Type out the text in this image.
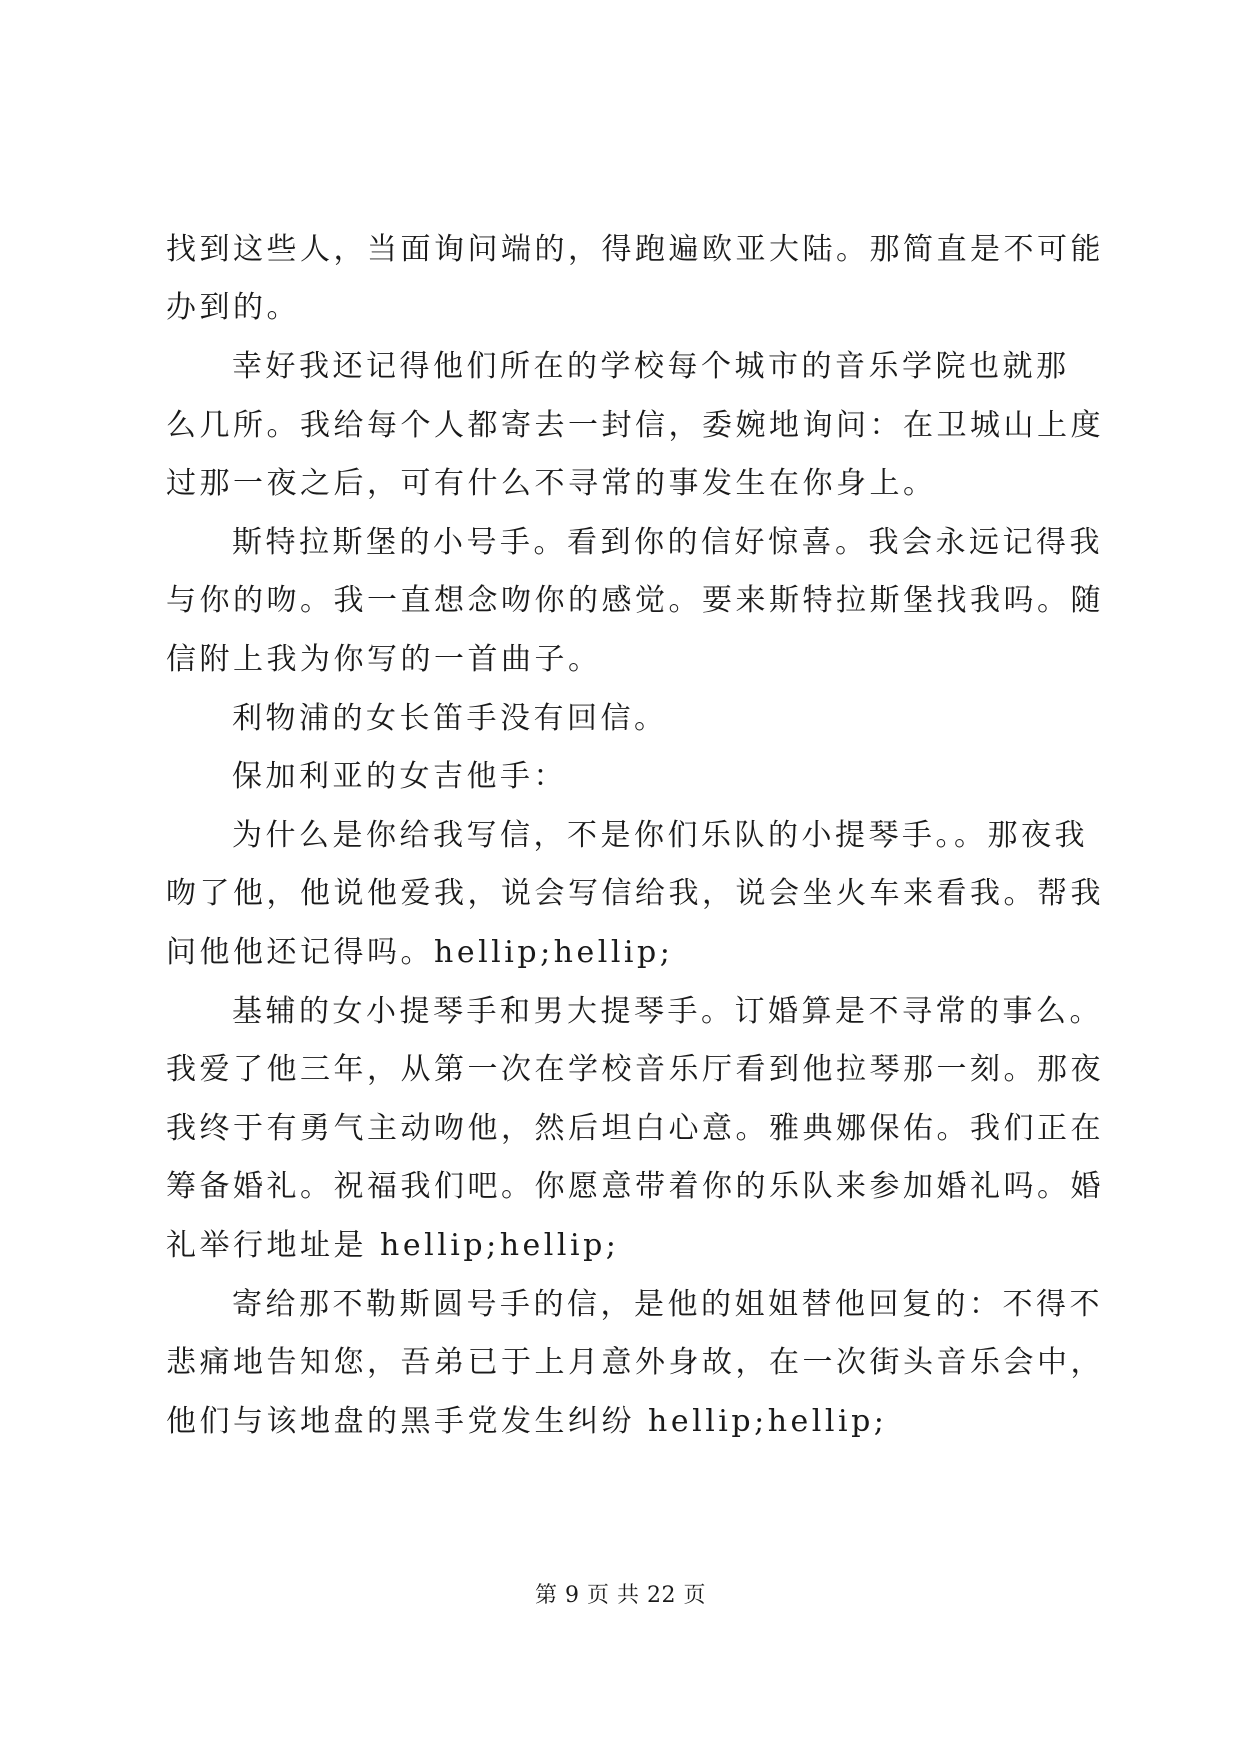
找到这些人，当面询问端的，得跑遍欧亚大陆。那简直是不可能
办到的。
幸好我还记得他们所在的学校每个城市的音乐学院也就那
么几所。我给每个人都寄去一封信，委婉地询问：在卫城山上度
过那一夜之后，可有什么不寻常的事发生在你身上。
斯特拉斯堡的小号手。看到你的信好惊喜。我会永远记得我
与你的吻。我一直想念吻你的感觉。要来斯特拉斯堡找我吗。随
信附上我为你写的一首曲子。
利物浦的女长笛手没有回信。
保加利亚的女吉他手：
为什么是你给我写信，不是你们乐队的小提琴手。。那夜我
吻了他，他说他爱我，说会写信给我，说会坐火车来看我。帮我
问他他还记得吗。hellip;hellip;
基辅的女小提琴手和男大提琴手。订婚算是不寻常的事么。
我爱了他三年，从第一次在学校音乐厅看到他拉琴那一刻。那夜
我终于有勇气主动吻他，然后坦白心意。雅典娜保佑。我们正在
筹备婚礼。祝福我们吧。你愿意带着你的乐队来参加婚礼吗。婚
礼举行地址是 hellip;hellip;
寄给那不勒斯圆号手的信，是他的姐姐替他回复的：不得不
悲痛地告知您，吾弟已于上月意外身故，在一次街头音乐会中，
他们与该地盘的黑手党发生纠纷 hellip;hellip;
第 9 页 共 22 页
